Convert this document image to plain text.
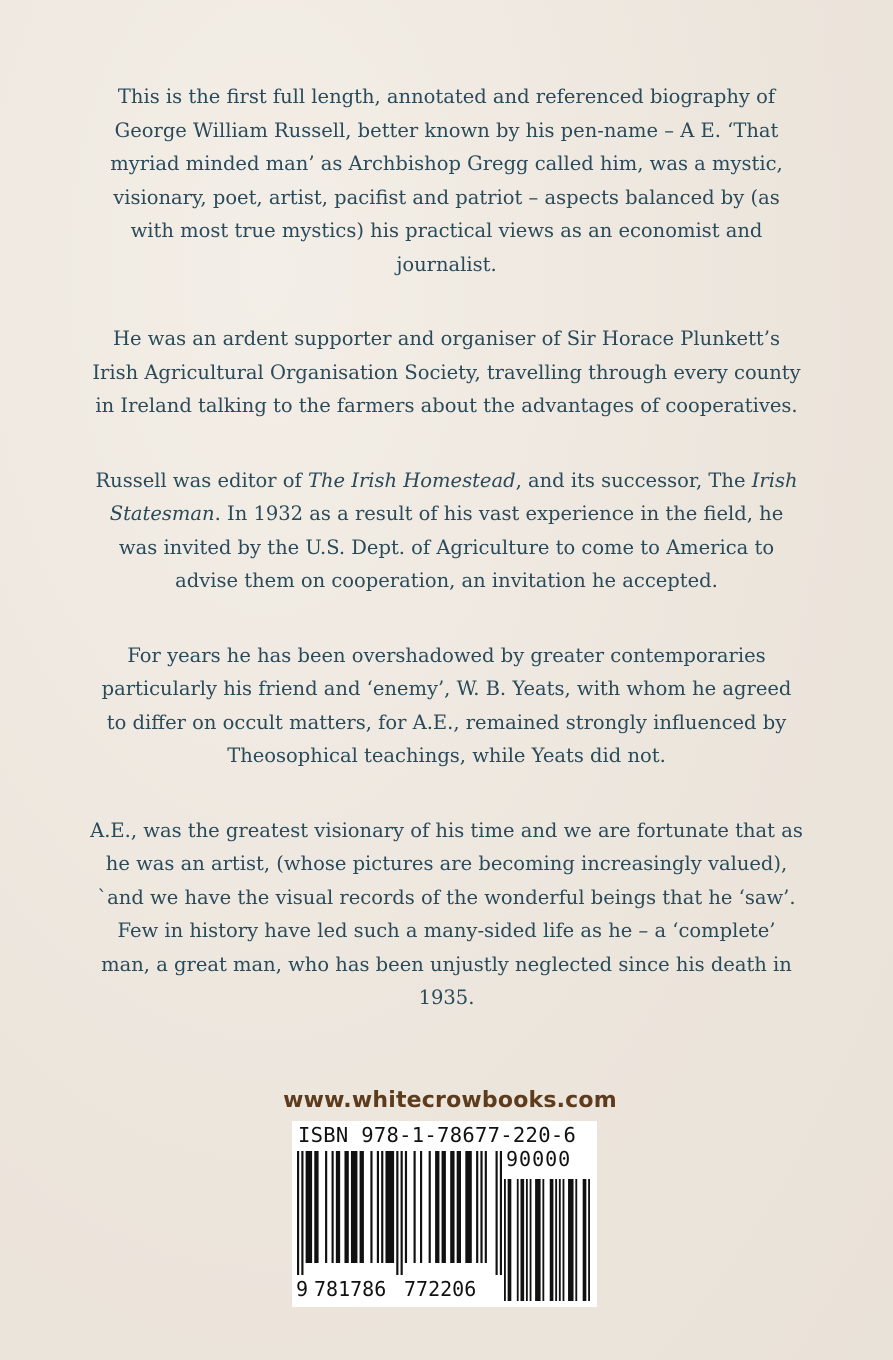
This is the first full length, annotated and referenced biography of George William Russell, better known by his pen-name – A E. ‘That myriad minded man’ as Archbishop Gregg called him, was a mystic, visionary, poet, artist, pacifist and patriot – aspects balanced by (as with most true mystics) his practical views as an economist and journalist.

He was an ardent supporter and organiser of Sir Horace Plunkett’s Irish Agricultural Organisation Society, travelling through every county in Ireland talking to the farmers about the advantages of cooperatives.

Russell was editor of The Irish Homestead, and its successor, The Irish Statesman. In 1932 as a result of his vast experience in the field, he was invited by the U.S. Dept. of Agriculture to come to America to advise them on cooperation, an invitation he accepted.

For years he has been overshadowed by greater contemporaries particularly his friend and ‘enemy’, W. B. Yeats, with whom he agreed to differ on occult matters, for A.E., remained strongly influenced by Theosophical teachings, while Yeats did not.

A.E., was the greatest visionary of his time and we are fortunate that as he was an artist, (whose pictures are becoming increasingly valued), `and we have the visual records of the wonderful beings that he ‘saw’. Few in history have led such a many-sided life as he – a ‘complete’ man, a great man, who has been unjustly neglected since his death in 1935.

www.whitecrowbooks.com
ISBN 978-1-78677-220-6
90000
9 781786 772206
